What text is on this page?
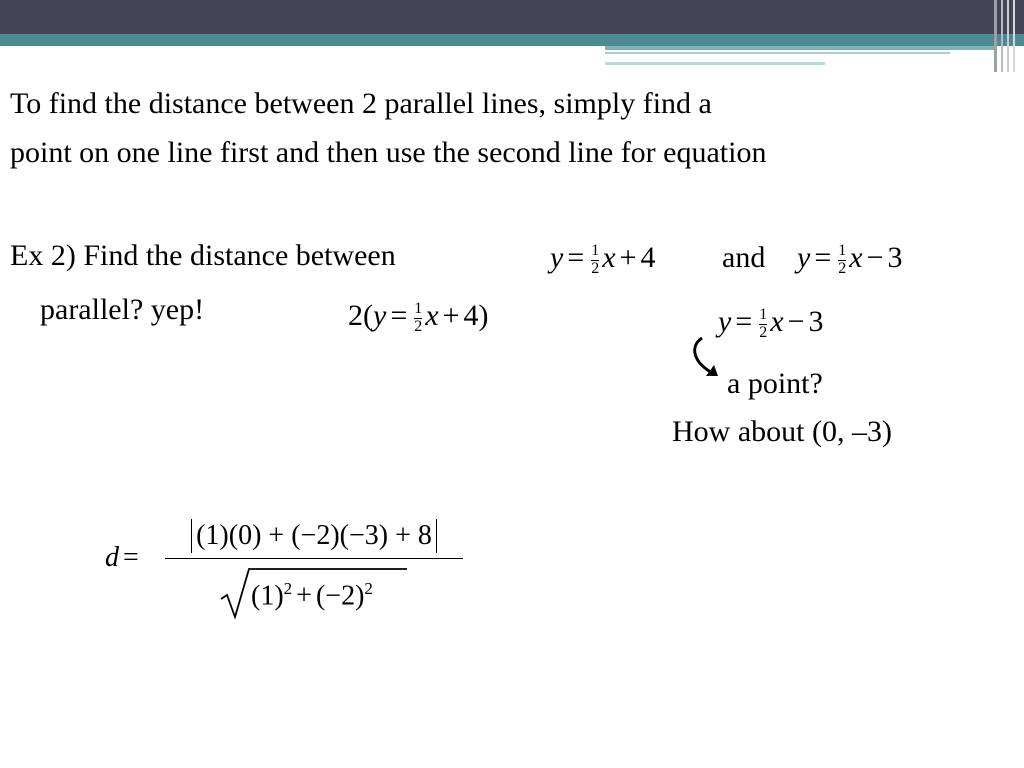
To find the distance between 2 parallel lines, simply find a
point on one line first and then use the second line for equation
Ex 2) Find the distance between	$y = \frac{1}{2}$ x + 4 and $y = \frac{1}{2}$ x − 3
parallel? yep!	$2(y = \frac{1}{2}$ x + 4)	$y = \frac{1}{2}$ x − 3
a point?
How about (0, –3)
$d = \frac{(1)(0) + (-2)(-3) + 8}{(1)^2 + (-2)^2}$
